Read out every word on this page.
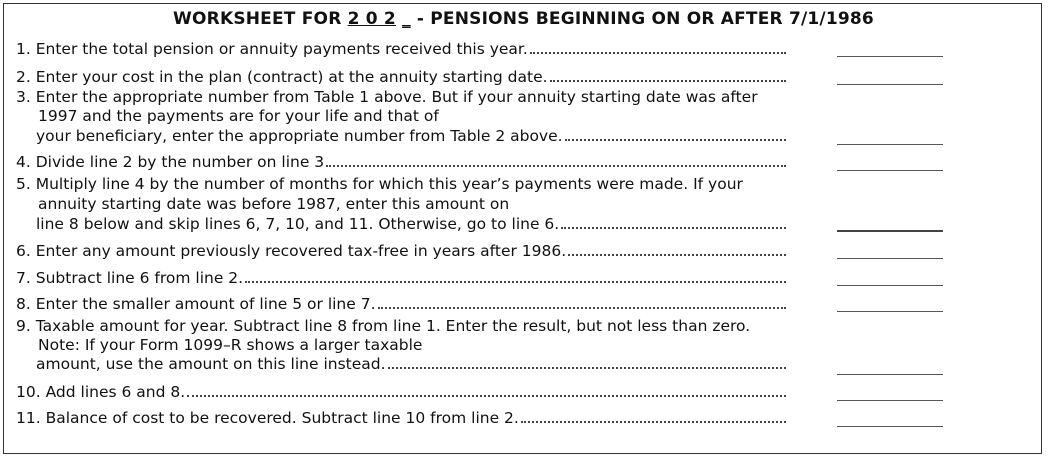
WORKSHEET FOR 2 0 2 _ - PENSIONS BEGINNING ON OR AFTER 7/1/1986
1. Enter the total pension or annuity payments received this year.
2. Enter your cost in the plan (contract) at the annuity starting date.
3. Enter the appropriate number from Table 1 above. But if your annuity starting date was after
1997 and the payments are for your life and that of
your beneficiary, enter the appropriate number from Table 2 above.
4. Divide line 2 by the number on line 3
5. Multiply line 4 by the number of months for which this year’s payments were made. If your
annuity starting date was before 1987, enter this amount on
line 8 below and skip lines 6, 7, 10, and 11. Otherwise, go to line 6.
6. Enter any amount previously recovered tax-free in years after 1986.
7. Subtract line 6 from line 2.
8. Enter the smaller amount of line 5 or line 7.
9. Taxable amount for year. Subtract line 8 from line 1. Enter the result, but not less than zero.
Note: If your Form 1099–R shows a larger taxable
amount, use the amount on this line instead.
10. Add lines 6 and 8.
11. Balance of cost to be recovered. Subtract line 10 from line 2.
